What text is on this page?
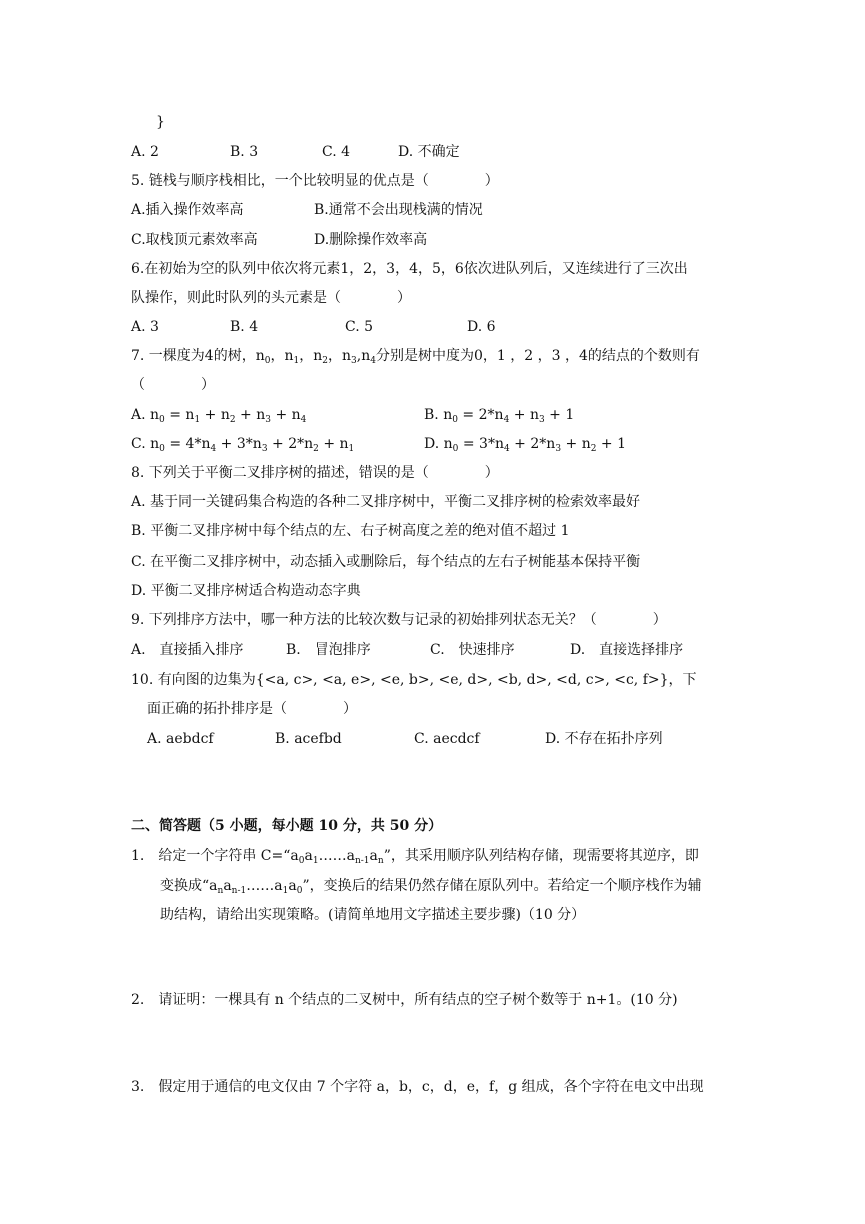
}
A. 2	B. 3	C. 4	D. 不确定
5. 链栈与顺序栈相比，一个比较明显的优点是（　　　　）
A.插入操作效率高	B.通常不会出现栈满的情况
C.取栈顶元素效率高	D.删除操作效率高
6.在初始为空的队列中依次将元素1，2，3，4，5，6依次进队列后，又连续进行了三次出
队操作，则此时队列的头元素是（　　　　）
A. 3	B. 4	C. 5	D. 6
7. 一棵度为4的树，$n_0$，$n_1$，$n_2$，$n_3,n_4$分别是树中度为0，1 ，2 ，3 ，4的结点的个数则有
（　　　　）
A. $n_0 = n_1 + n_2 + n_3 + n_4$	B. $n_0 = 2*n_4 + n_3 + 1$
C. $n_0 = 4*n_4 + 3*n_3 + 2*n_2 + n_1$	D. $n_0 = 3*n_4 + 2*n_3 + n_2 + 1$
8. 下列关于平衡二叉排序树的描述，错误的是（　　　　）
A. 基于同一关键码集合构造的各种二叉排序树中，平衡二叉排序树的检索效率最好
B. 平衡二叉排序树中每个结点的左、右子树高度之差的绝对值不超过 1
C. 在平衡二叉排序树中，动态插入或删除后，每个结点的左右子树能基本保持平衡
D. 平衡二叉排序树适合构造动态字典
9. 下列排序方法中，哪一种方法的比较次数与记录的初始排列状态无关？（　　　　）
A.　直接插入排序	B.　冒泡排序	C.　快速排序	D.　直接选择排序
10. 有向图的边集为{<a, c>, <a, e>, <e, b>, <e, d>, <b, d>, <d, c>, <c, f>}，下
面正确的拓扑排序是（　　　　）
A. aebdcf	B. acefbd	C. aecdcf	D. 不存在拓扑序列
二、简答题（5 小题，每小题 10 分，共 50 分）
1.　给定一个字符串 $C=“a_0a_1\dots\dots a_{n-1}a_n$”，其采用顺序队列结构存储，现需要将其逆序，即
变换成“$a_na_{n-1}\dots\dots a_1a_0$”，变换后的结果仍然存储在原队列中。若给定一个顺序栈作为辅
助结构，请给出实现策略。(请简单地用文字描述主要步骤)（10 分）
2.　请证明：一棵具有 n 个结点的二叉树中，所有结点的空子树个数等于 n+1。(10 分)
3.　假定用于通信的电文仅由 7 个字符 a，b，c，d，e，f，g 组成，各个字符在电文中出现
